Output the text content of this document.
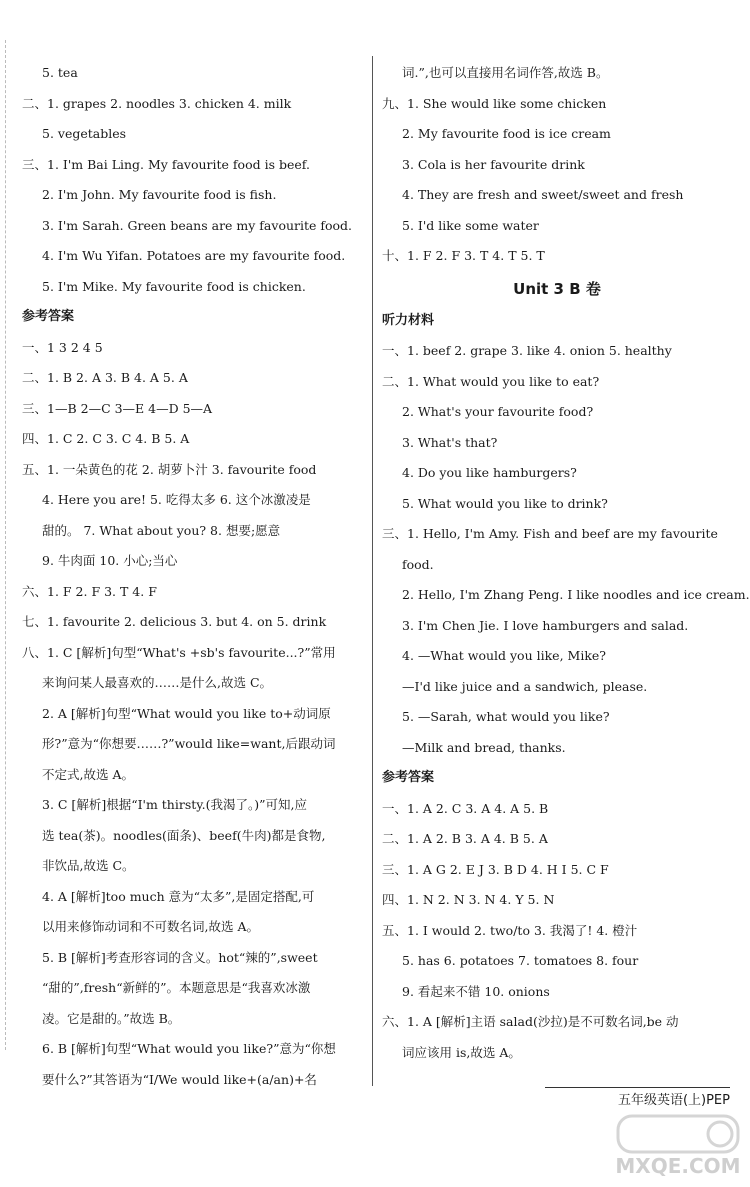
5. tea
二、1. grapes 2. noodles 3. chicken 4. milk
5. vegetables
三、1. I'm Bai Ling. My favourite food is beef.
2. I'm John. My favourite food is fish.
3. I'm Sarah. Green beans are my favourite food.
4. I'm Wu Yifan. Potatoes are my favourite food.
5. I'm Mike. My favourite food is chicken.
参考答案
一、1 3 2 4 5
二、1. B 2. A 3. B 4. A 5. A
三、1—B 2—C 3—E 4—D 5—A
四、1. C 2. C 3. C 4. B 5. A
五、1. 一朵黄色的花 2. 胡萝卜汁 3. favourite food
4. Here you are! 5. 吃得太多 6. 这个冰激凌是
甜的。 7. What about you? 8. 想要;愿意
9. 牛肉面 10. 小心;当心
六、1. F 2. F 3. T 4. F
七、1. favourite 2. delicious 3. but 4. on 5. drink
八、1. C [解析]句型“What's +sb's favourite...?”常用
来询问某人最喜欢的……是什么,故选 C。
2. A [解析]句型“What would you like to+动词原
形?”意为“你想要……?”would like=want,后跟动词
不定式,故选 A。
3. C [解析]根据“I'm thirsty.(我渴了。)”可知,应
选 tea(茶)。noodles(面条)、beef(牛肉)都是食物,
非饮品,故选 C。
4. A [解析]too much 意为“太多”,是固定搭配,可
以用来修饰动词和不可数名词,故选 A。
5. B [解析]考查形容词的含义。hot“辣的”,sweet
“甜的”,fresh“新鲜的”。本题意思是“我喜欢冰激
凌。它是甜的。”故选 B。
6. B [解析]句型“What would you like?”意为“你想
要什么?”其答语为“I/We would like+(a/an)+名
词.”,也可以直接用名词作答,故选 B。
九、1. She would like some chicken
2. My favourite food is ice cream
3. Cola is her favourite drink
4. They are fresh and sweet/sweet and fresh
5. I'd like some water
十、1. F 2. F 3. T 4. T 5. T
Unit 3 B 卷
听力材料
一、1. beef 2. grape 3. like 4. onion 5. healthy
二、1. What would you like to eat?
2. What's your favourite food?
3. What's that?
4. Do you like hamburgers?
5. What would you like to drink?
三、1. Hello, I'm Amy. Fish and beef are my favourite
food.
2. Hello, I'm Zhang Peng. I like noodles and ice cream.
3. I'm Chen Jie. I love hamburgers and salad.
4. —What would you like, Mike?
—I'd like juice and a sandwich, please.
5. —Sarah, what would you like?
—Milk and bread, thanks.
参考答案
一、1. A 2. C 3. A 4. A 5. B
二、1. A 2. B 3. A 4. B 5. A
三、1. A G 2. E J 3. B D 4. H I 5. C F
四、1. N 2. N 3. N 4. Y 5. N
五、1. I would 2. two/to 3. 我渴了! 4. 橙汁
5. has 6. potatoes 7. tomatoes 8. four
9. 看起来不错 10. onions
六、1. A [解析]主语 salad(沙拉)是不可数名词,be 动
词应该用 is,故选 A。
五年级英语(上)PEP
MXQE.COM
